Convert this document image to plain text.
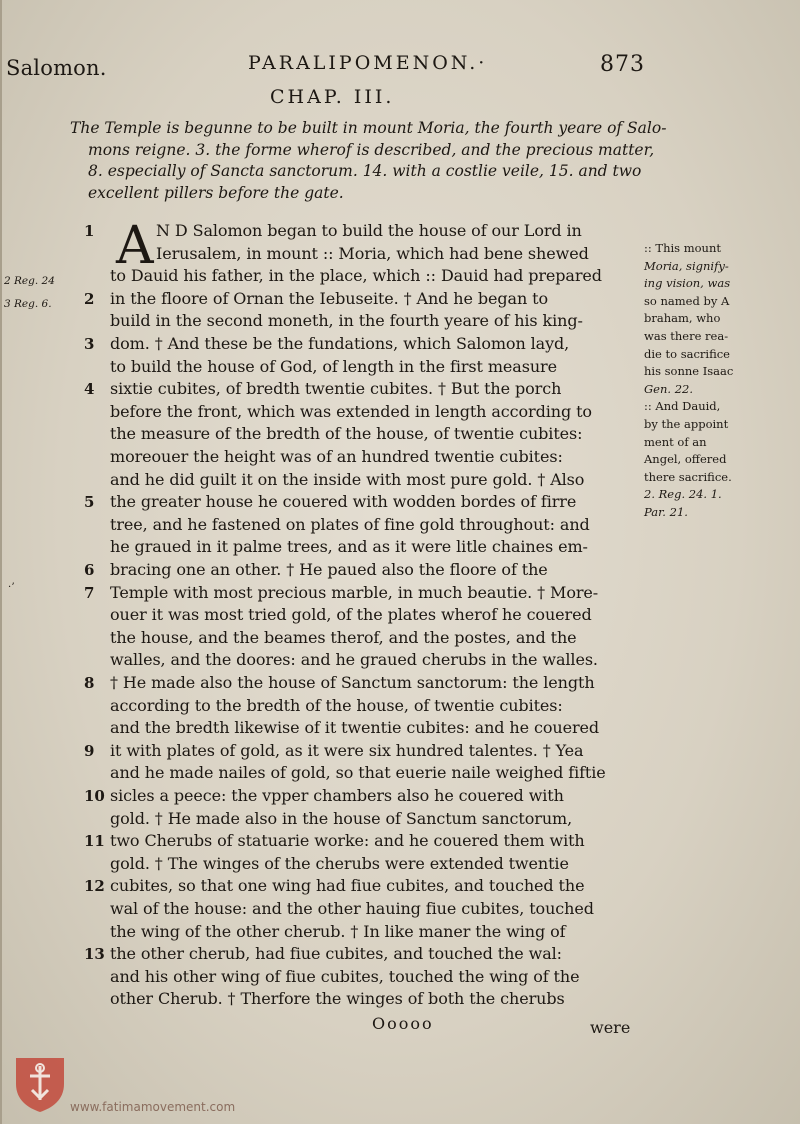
Salomon.	PARALIPOMENON.·	873
CHAP. III.
The Temple is begunne to be built in mount Moria, the fourth yeare of Salo-
mons reigne. 3. the forme wherof is described, and the precious matter,
8. especially of Sancta sanctorum. 14. with a costlie veile, 15. and two
excellent pillers before the gate.
2 Reg. 24
3 Reg. 6.
·ʼ
1
2
3
4
5
6
7
8
9
10
11
12
13
A N D Salomon began to build the house of our Lord in
Ierusalem, in mount :: Moria, which had bene shewed
to Dauid his father, in the place, which :: Dauid had prepared
in the floore of Ornan the Iebuseite. † And he began to
build in the second moneth, in the fourth yeare of his king-
dom. † And these be the fundations, which Salomon layd,
to build the house of God, of length in the first measure
sixtie cubites, of bredth twentie cubites. † But the porch
before the front, which was extended in length according to
the measure of the bredth of the house, of twentie cubites:
moreouer the height was of an hundred twentie cubites:
and he did guilt it on the inside with most pure gold. † Also
the greater house he couered with wodden bordes of firre
tree, and he fastened on plates of fine gold throughout: and
he graued in it palme trees, and as it were litle chaines em-
bracing one an other. † He paued also the floore of the
Temple with most precious marble, in much beautie. † More-
ouer it was most tried gold, of the plates wherof he couered
the house, and the beames therof, and the postes, and the
walles, and the doores: and he graued cherubs in the walles.
† He made also the house of Sanctum sanctorum: the length
according to the bredth of the house, of twentie cubites:
and the bredth likewise of it twentie cubites: and he couered
it with plates of gold, as it were six hundred talentes. † Yea
and he made nailes of gold, so that euerie naile weighed fiftie
sicles a peece: the vpper chambers also he couered with
gold. † He made also in the house of Sanctum sanctorum,
two Cherubs of statuarie worke: and he couered them with
gold. † The winges of the cherubs were extended twentie
cubites, so that one wing had fiue cubites, and touched the
wal of the house: and the other hauing fiue cubites, touched
the wing of the other cherub. † In like maner the wing of
the other cherub, had fiue cubites, and touched the wal:
and his other wing of fiue cubites, touched the wing of the
other Cherub. † Therfore the winges of both the cherubs
:: This mount
Moria, signify-
ing vision, was
so named by A
braham, who
was there rea-
die to sacrifice
his sonne Isaac
Gen. 22.
:: And Dauid,
by the appoint
ment of an
Angel, offered
there sacrifice.
2. Reg. 24. 1.
Par. 21.
Ooooo	were
www.fatimamovement.com
